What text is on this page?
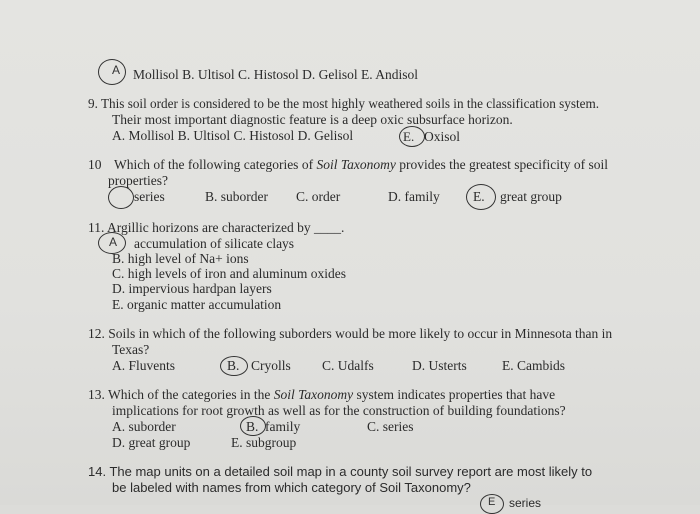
A Mollisol B. Ultisol C. Histosol D. Gelisol E. Andisol
9. This soil order is considered to be the most highly weathered soils in the classification system.
Their most important diagnostic feature is a deep oxic subsurface horizon.
A. Mollisol B. Ultisol C. Histosol D. Gelisol	E. Oxisol
10 Which of the following categories of Soil Taxonomy provides the greatest specificity of soil
properties?
series	B. suborder C. order	D. family E. great group
11. Argillic horizons are characterized by ____.
A accumulation of silicate clays
B. high level of Na+ ions
C. high levels of iron and aluminum oxides
D. impervious hardpan layers
E. organic matter accumulation
12. Soils in which of the following suborders would be more likely to occur in Minnesota than in
Texas?
A. Fluvents	B. Cryolls C. Udalfs	D. Usterts	E. Cambids
13. Which of the categories in the Soil Taxonomy system indicates properties that have
implications for root growth as well as for the construction of building foundations?
A. suborder	B. family	C. series
D. great group	E. subgroup
14. The map units on a detailed soil map in a county soil survey report are most likely to
be labeled with names from which category of Soil Taxonomy?
E series
